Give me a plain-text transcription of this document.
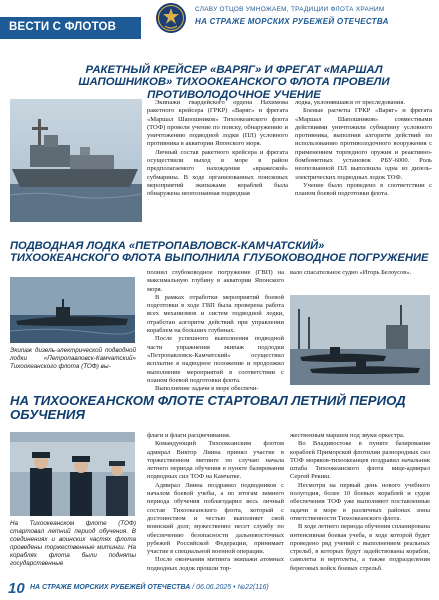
ВЕСТИ С ФЛОТОВ
СЛАВУ ОТЦОВ УМНОЖАЕМ, ТРАДИЦИИ ФЛОТА ХРАНИМ
НА СТРАЖЕ МОРСКИХ РУБЕЖЕЙ ОТЕЧЕСТВА
РАКЕТНЫЙ КРЕЙСЕР «ВАРЯГ» И ФРЕГАТ «МАРШАЛ ШАПОШНИКОВ» ТИХООКЕАНСКОГО ФЛОТА ПРОВЕЛИ ПРОТИВОЛОДОЧНОЕ УЧЕНИЕ

Экипажи гвардейского ордена Нахимова ракетного крейсера (ГРКР) «Варяг» и фрегата «Маршал Шапошников» Тихоокеанского флота (ТОФ) провели учение по поиску, обнаружению и уничтожению подводной лодки (ПЛ) условного противника в акватории Японского моря.

Личный состав ракетного крейсера и фрегата осуществили выход в море в район предполагаемого нахождения «вражеской» субмарины. В ходе организованных поисковых мероприятий экипажами кораблей была обнаружена неопознанная подводная

лодка, уклонявшаяся от преследования.

Боевые расчеты ГРКР «Варяг» и фрегата «Маршал Шапошников» совместными действиями уничтожили субмарину условного противника, выполнив алгоритм действий по использованию противолодочного вооружения с применением торпедного оружия и реактивно-бомбометных установок РБУ-6000. Роль неопознанной ПЛ выполнила одна из дизель-электрических подводных лодок ТОФ.

Учение было проведено в соответствии с планом боевой подготовки флота.

ПОДВОДНАЯ ЛОДКА «ПЕТРОПАВЛОВСК-КАМЧАТСКИЙ» ТИХООКЕАНСКОГО ФЛОТА ВЫПОЛНИЛА ГЛУБОКОВОДНОЕ ПОГРУЖЕНИЕ
Экипаж дизель-электрической подводной лодки «Петропавловск-Камчатский» Тихоокеанского флота (ТОФ) вы-

полнил глубоководное погружение (ГВП) на максимальную глубину в акватории Японского моря.

В рамках отработки мероприятий боевой подготовки в ходе ГВП была проверена работа всех механизмов и систем подводной лодки, отработан алгоритм действий при управлении кораблем на больших глубинах.

После успешного выполнения подводной части упражнения экипаж подлодки «Петропавловск-Камчатский» осуществил всплытие в надводное положение и продолжил выполнение мероприятий в соответствии с планом боевой подготовки флота.

Выполнение задачи в море обеспечи-

вало спасательное судно «Игорь Белоусов».

НА ТИХООКЕАНСКОМ ФЛОТЕ СТАРТОВАЛ ЛЕТНИЙ ПЕРИОД ОБУЧЕНИЯ
На Тихоокеанском флоте (ТОФ) стартовал летний период обучения. В соединениях и воинских частях флота проведены торжественные митинги. На кораблях флота были подняты государственные

флаги и флаги расцвечивания.

Командующий Тихоокеанским флотом адмирал Виктор Лиина принял участие в торжественном митинге по случаю начала летнего периода обучения в пункте базирования подводных сил ТОФ на Камчатке.

Адмирал Лиина поздравил подводников с началом боевой учебы, а по итогам зимнего периода обучения поблагодарил весь личный состав Тихоокеанского флота, который с достоинством и честью выполняет свой воинский долг, мужественно несет службу по обеспечению безопасности дальневосточных рубежей Российской Федерации, принимает участие в специальной военной операции.

После окончания митинга экипажи атомных подводных лодок прошли тор-

жественным маршем под звуки оркестра.

Во Владивостоке в пункте базирования кораблей Приморской флотилии разнородных сил ТОФ моряков-тихоокеанцев поздравил начальник штаба Тихоокеанского флота вице-адмирал Сергей Рекиш.

Несмотря на первый день нового учебного полугодия, более 10 боевых кораблей и судов обеспечения ТОФ уже выполняют поставленные задачи в море в различных районах зоны ответственности Тихоокеанского флота.

В ходе летнего периода обучения спланирована интенсивная боевая учеба, в ходе которой будет проведено ряд учений с выполнением реальных стрельб, в которых будут задействованы корабли, самолеты и вертолеты, а также подразделения береговых войск боевых стрельб.

10 НА СТРАЖЕ МОРСКИХ РУБЕЖЕЙ ОТЕЧЕСТВА / 06.06.2025 • №22(116)
